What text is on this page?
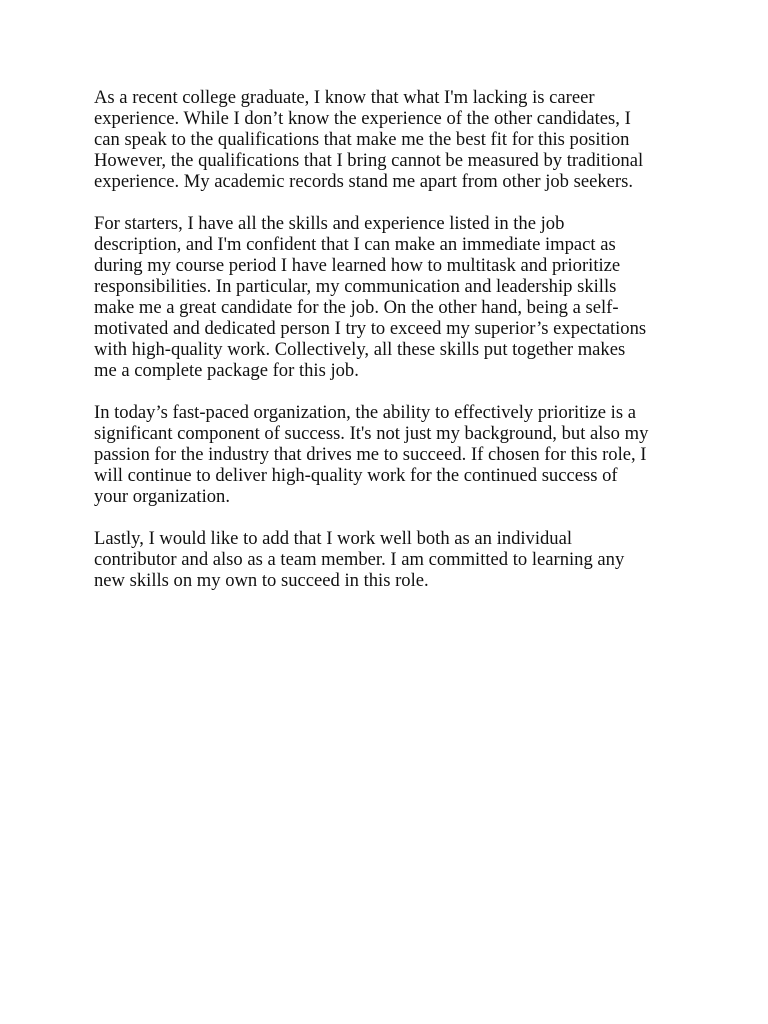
As a recent college graduate, I know that what I'm lacking is career
experience. While I don’t know the experience of the other candidates, I
can speak to the qualifications that make me the best fit for this position
However, the qualifications that I bring cannot be measured by traditional
experience. My academic records stand me apart from other job seekers.

For starters, I have all the skills and experience listed in the job
description, and I'm confident that I can make an immediate impact as
during my course period I have learned how to multitask and prioritize
responsibilities. In particular, my communication and leadership skills
make me a great candidate for the job. On the other hand, being a self-
motivated and dedicated person I try to exceed my superior’s expectations
with high-quality work. Collectively, all these skills put together makes
me a complete package for this job.

In today’s fast-paced organization, the ability to effectively prioritize is a
significant component of success. It's not just my background, but also my
passion for the industry that drives me to succeed. If chosen for this role, I
will continue to deliver high-quality work for the continued success of
your organization.

Lastly, I would like to add that I work well both as an individual
contributor and also as a team member. I am committed to learning any
new skills on my own to succeed in this role.
